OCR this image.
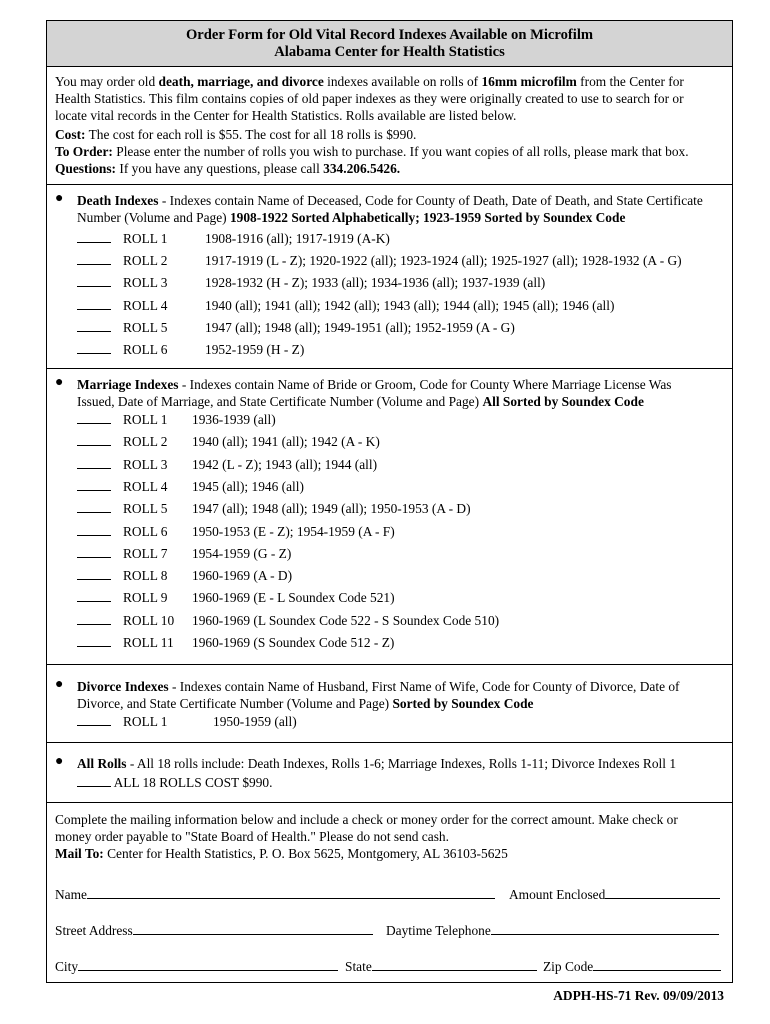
Order Form for Old Vital Record Indexes Available on Microfilm
Alabama Center for Health Statistics
You may order old death, marriage, and divorce indexes available on rolls of 16mm microfilm from the Center for
Health Statistics. This film contains copies of old paper indexes as they were originally created to use to search for or
locate vital records in the Center for Health Statistics. Rolls available are listed below.
Cost: The cost for each roll is $55. The cost for all 18 rolls is $990.
To Order: Please enter the number of rolls you wish to purchase. If you want copies of all rolls, please mark that box.
Questions: If you have any questions, please call 334.206.5426.
● Death Indexes - Indexes contain Name of Deceased, Code for County of Death, Date of Death, and State Certificate
Number (Volume and Page) 1908-1922 Sorted Alphabetically; 1923-1959 Sorted by Soundex Code
ROLL 1	1908-1916 (all); 1917-1919 (A-K)
ROLL 2	1917-1919 (L - Z); 1920-1922 (all); 1923-1924 (all); 1925-1927 (all); 1928-1932 (A - G)
ROLL 3	1928-1932 (H - Z); 1933 (all); 1934-1936 (all); 1937-1939 (all)
ROLL 4	1940 (all); 1941 (all); 1942 (all); 1943 (all); 1944 (all); 1945 (all); 1946 (all)
ROLL 5	1947 (all); 1948 (all); 1949-1951 (all); 1952-1959 (A - G)
ROLL 6	1952-1959 (H - Z)
● Marriage Indexes - Indexes contain Name of Bride or Groom, Code for County Where Marriage License Was
Issued, Date of Marriage, and State Certificate Number (Volume and Page) All Sorted by Soundex Code
ROLL 1 1936-1939 (all)
ROLL 2 1940 (all); 1941 (all); 1942 (A - K)
ROLL 3 1942 (L - Z); 1943 (all); 1944 (all)
ROLL 4 1945 (all); 1946 (all)
ROLL 5 1947 (all); 1948 (all); 1949 (all); 1950-1953 (A - D)
ROLL 6 1950-1953 (E - Z); 1954-1959 (A - F)
ROLL 7 1954-1959 (G - Z)
ROLL 8 1960-1969 (A - D)
ROLL 9 1960-1969 (E - L Soundex Code 521)
ROLL 10 1960-1969 (L Soundex Code 522 - S Soundex Code 510)
ROLL 11 1960-1969 (S Soundex Code 512 - Z)
● Divorce Indexes - Indexes contain Name of Husband, First Name of Wife, Code for County of Divorce, Date of
Divorce, and State Certificate Number (Volume and Page) Sorted by Soundex Code
ROLL 1	1950-1959 (all)
● All Rolls - All 18 rolls include: Death Indexes, Rolls 1-6; Marriage Indexes, Rolls 1-11; Divorce Indexes Roll 1
ALL 18 ROLLS COST $990.
Complete the mailing information below and include a check or money order for the correct amount. Make check or
money order payable to "State Board of Health." Please do not send cash.
Mail To: Center for Health Statistics, P. O. Box 5625, Montgomery, AL 36103-5625
Name	Amount Enclosed
Street Address	Daytime Telephone
City	State	Zip Code
ADPH-HS-71 Rev. 09/09/2013
